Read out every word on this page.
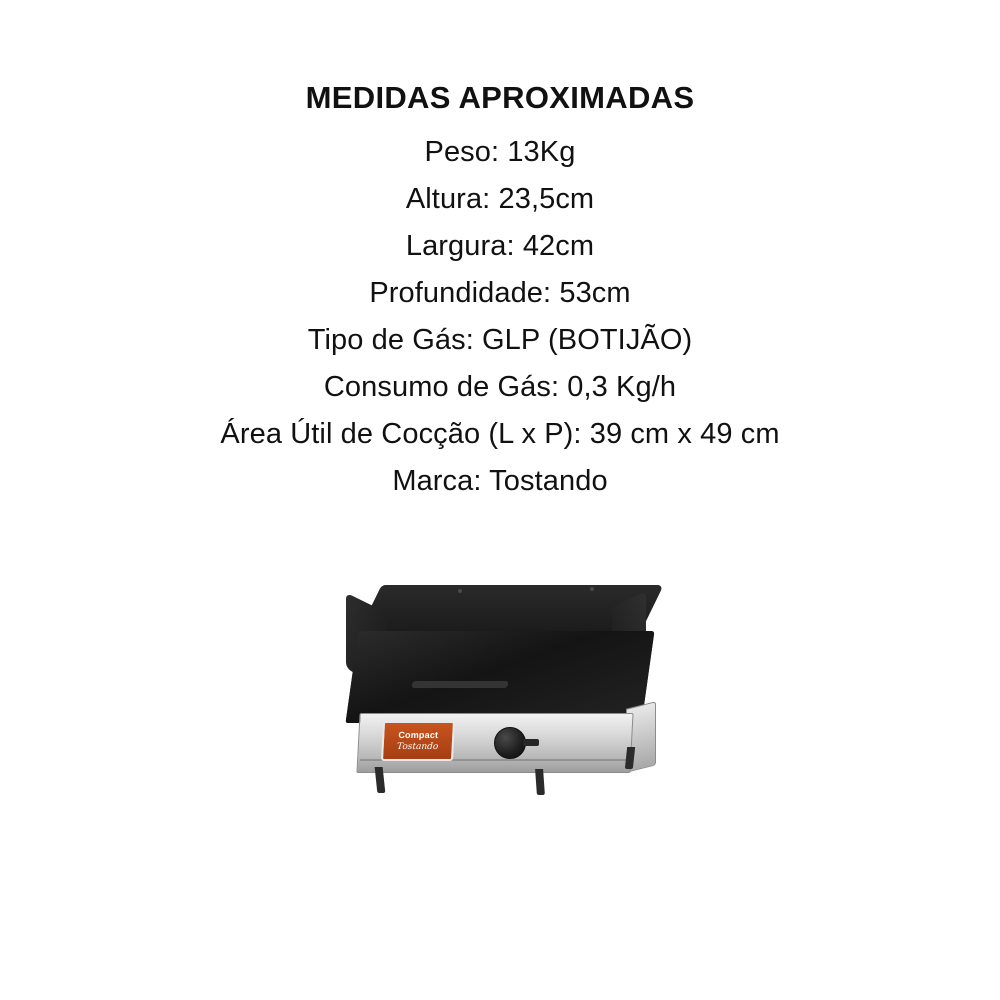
MEDIDAS APROXIMADAS
Peso: 13Kg
Altura: 23,5cm
Largura: 42cm
Profundidade: 53cm
Tipo de Gás: GLP (BOTIJÃO)
Consumo de Gás: 0,3 Kg/h
Área Útil de Cocção (L x P): 39 cm x 49 cm
Marca: Tostando
Compact
Tostando
